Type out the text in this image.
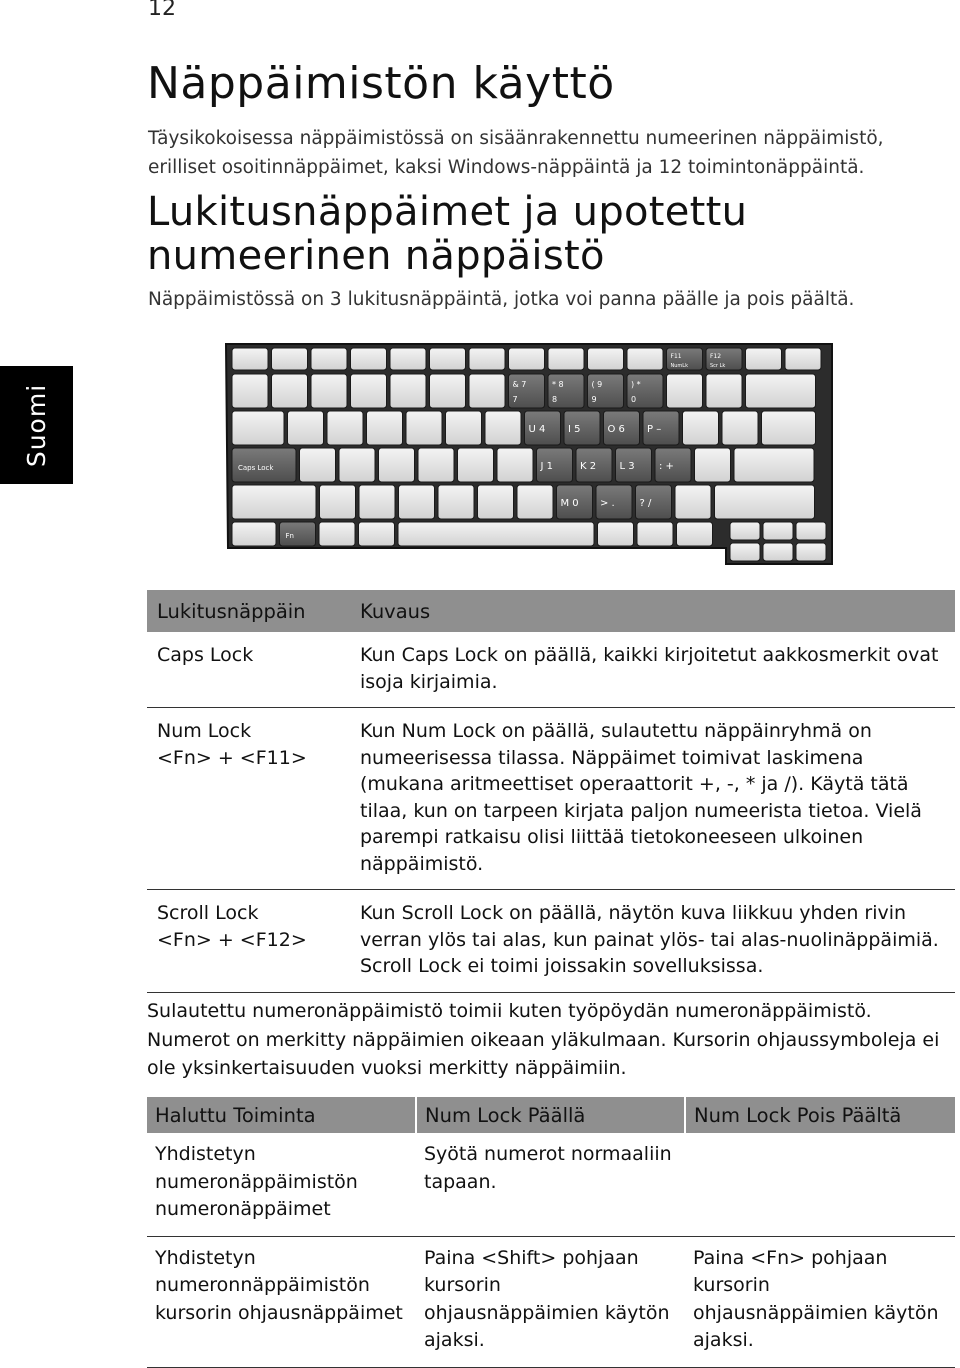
12
Suomi
Näppäimistön käyttö

Täysikokoisessa näppäimistössä on sisäänrakennettu numeerinen näppäimistö, erilliset osoitinnäppäimet, kaksi Windows-näppäintä ja 12 toimintonäppäintä.

Lukitusnäppäimet ja upotettu numeerinen näppäistö

Näppäimistössä on 3 lukitusnäppäintä, jotka voi panna päälle ja pois päältä.

F11
NumLk
F12
Scr Lk
& 7
7
* 8
8
( 9
9
) *
0
U 4 I 5	O 6 P –
Caps Lock	J 1	K 2 L 3 : +
M 0 > . ? /
Fn
Lukitusnäppäin	Kuvaus

Caps Lock	Kun Caps Lock on päällä, kaikki kirjoitetut aakkosmerkit ovat isoja kirjaimia.

Num Lock
<Fn> + <F11>	Kun Num Lock on päällä, sulautettu näppäinryhmä on numeerisessa tilassa. Näppäimet toimivat laskimena (mukana aritmeettiset operaattorit +, -, * ja /). Käytä tätä tilaa, kun on tarpeen kirjata paljon numeerista tietoa. Vielä parempi ratkaisu olisi liittää tietokoneeseen ulkoinen näppäimistö.

Scroll Lock
<Fn> + <F12>	Kun Scroll Lock on päällä, näytön kuva liikkuu yhden rivin verran ylös tai alas, kun painat ylös- tai alas-nuolinäppäimiä. Scroll Lock ei toimi joissakin sovelluksissa.

Sulautettu numeronäppäimistö toimii kuten työpöydän numeronäppäimistö. Numerot on merkitty näppäimien oikeaan yläkulmaan. Kursorin ohjaussymboleja ei ole yksinkertaisuuden vuoksi merkitty näppäimiin.

Haluttu Toiminta	Num Lock Päällä	Num Lock Pois Päältä
Yhdistetyn numeronäppäimistön numeronäppäimet	Syötä numerot normaaliin tapaan.	
Yhdistetyn numeronnäppäimistön kursorin ohjausnäppäimet	Paina <Shift> pohjaan kursorin ohjausnäppäimien käytön ajaksi.	Paina <Fn> pohjaan kursorin ohjausnäppäimien käytön ajaksi.
